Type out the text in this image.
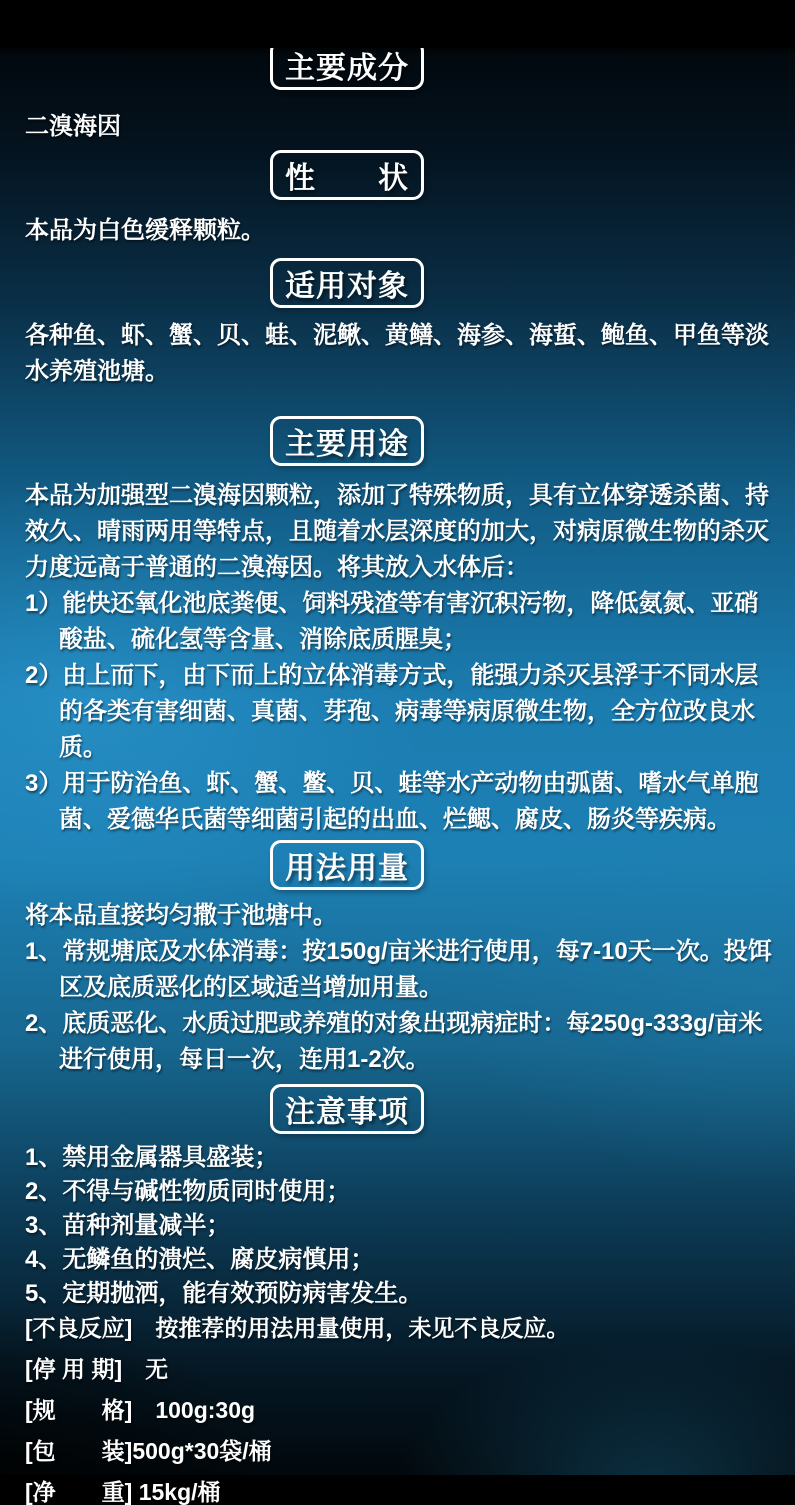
主要成分
二溴海因
性　　状
本品为白色缓释颗粒。
适用对象
各种鱼、虾、蟹、贝、蛙、泥鳅、黄鳝、海参、海蜇、鲍鱼、甲鱼等淡水养殖池塘。
主要用途
本品为加强型二溴海因颗粒，添加了特殊物质，具有立体穿透杀菌、持效久、晴雨两用等特点，且随着水层深度的加大，对病原微生物的杀灭力度远高于普通的二溴海因。将其放入水体后：
1）能快还氧化池底粪便、饲料残渣等有害沉积污物，降低氨氮、亚硝酸盐、硫化氢等含量、消除底质腥臭；
2）由上而下，由下而上的立体消毒方式，能强力杀灭县浮于不同水层的各类有害细菌、真菌、芽孢、病毒等病原微生物，全方位改良水质。
3）用于防治鱼、虾、蟹、鳖、贝、蛙等水产动物由弧菌、嗜水气单胞菌、爱德华氏菌等细菌引起的出血、烂鳃、腐皮、肠炎等疾病。
用法用量
将本品直接均匀撒于池塘中。
1、常规塘底及水体消毒：按150g/亩米进行使用，每7-10天一次。投饵区及底质恶化的区域适当增加用量。
2、底质恶化、水质过肥或养殖的对象出现病症时：每250g-333g/亩米进行使用，每日一次，连用1-2次。
注意事项
1、禁用金属器具盛装；
2、不得与碱性物质同时使用；
3、苗种剂量减半；
4、无鳞鱼的溃烂、腐皮病慎用；
5、定期抛洒，能有效预防病害发生。
[不良反应]　按推荐的用法用量使用，未见不良反应。
[停 用 期]　无
[规　　格]　100g:30g
[包　　装]500g*30袋/桶
[净　　重] 15kg/桶
